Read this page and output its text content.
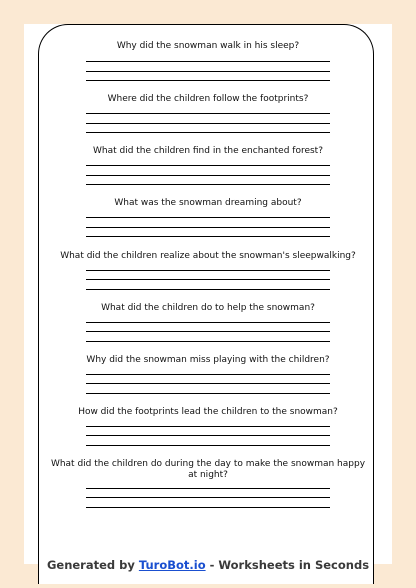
Why did the snowman walk in his sleep?

Where did the children follow the footprints?

What did the children find in the enchanted forest?

What was the snowman dreaming about?

What did the children realize about the snowman's sleepwalking?

What did the children do to help the snowman?

Why did the snowman miss playing with the children?

How did the footprints lead the children to the snowman?

What did the children do during the day to make the snowman happy at night?

Generated by TuroBot.io - Worksheets in Seconds
